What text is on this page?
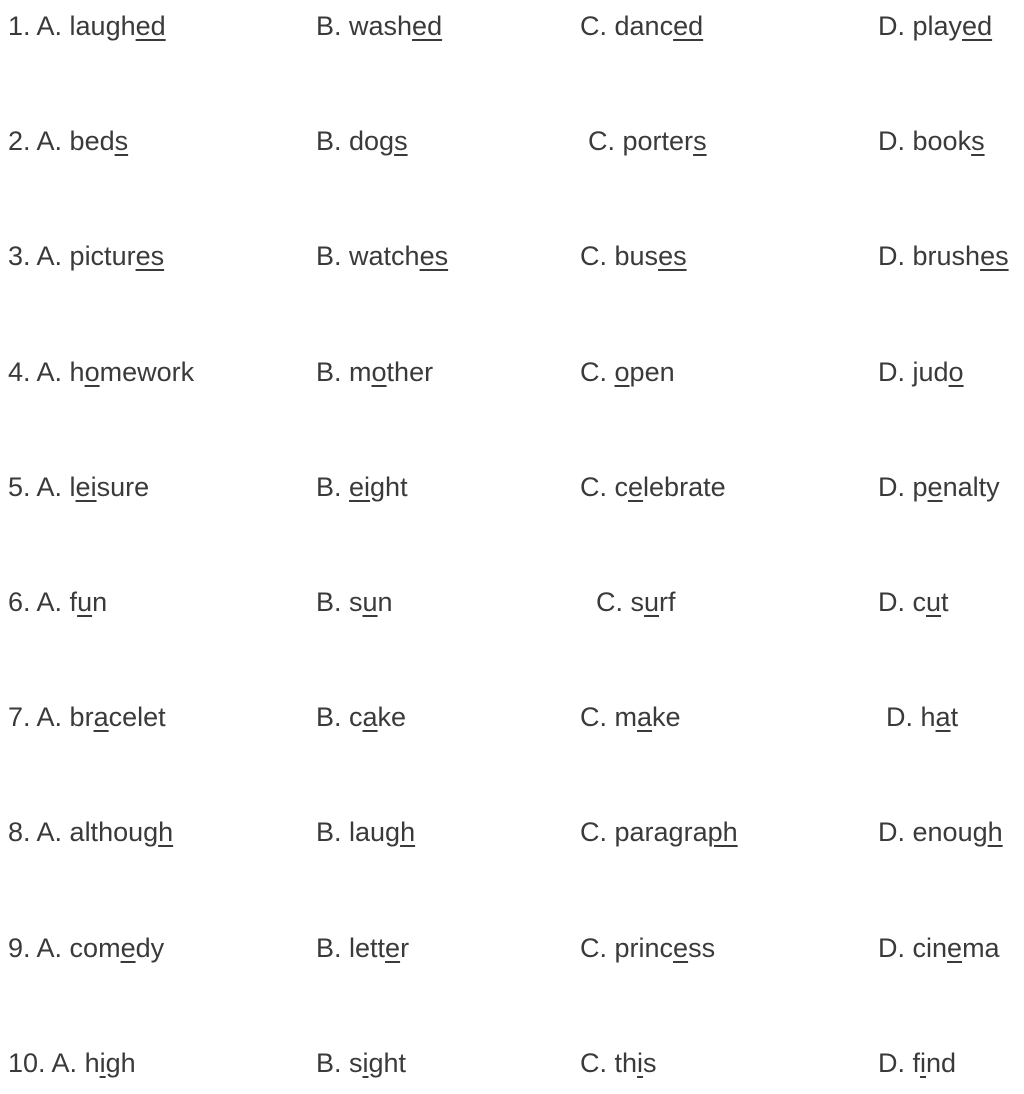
1. A. laughed	B. washed	C. danced	D. played
2. A. beds	B. dogs	C. porters	D. books
3. A. pictures	B. watches	C. buses	D. brushes
4. A. homework	B. mother	C. open	D. judo
5. A. leisure	B. eight	C. celebrate	D. penalty
6. A. fun	B. sun	C. surf	D. cut
7. A. bracelet	B. cake	C. make	D. hat
8. A. although	B. laugh	C. paragraph	D. enough
9. A. comedy	B. letter	C. princess	D. cinema
10. A. high	B. sight	C. this	D. find
